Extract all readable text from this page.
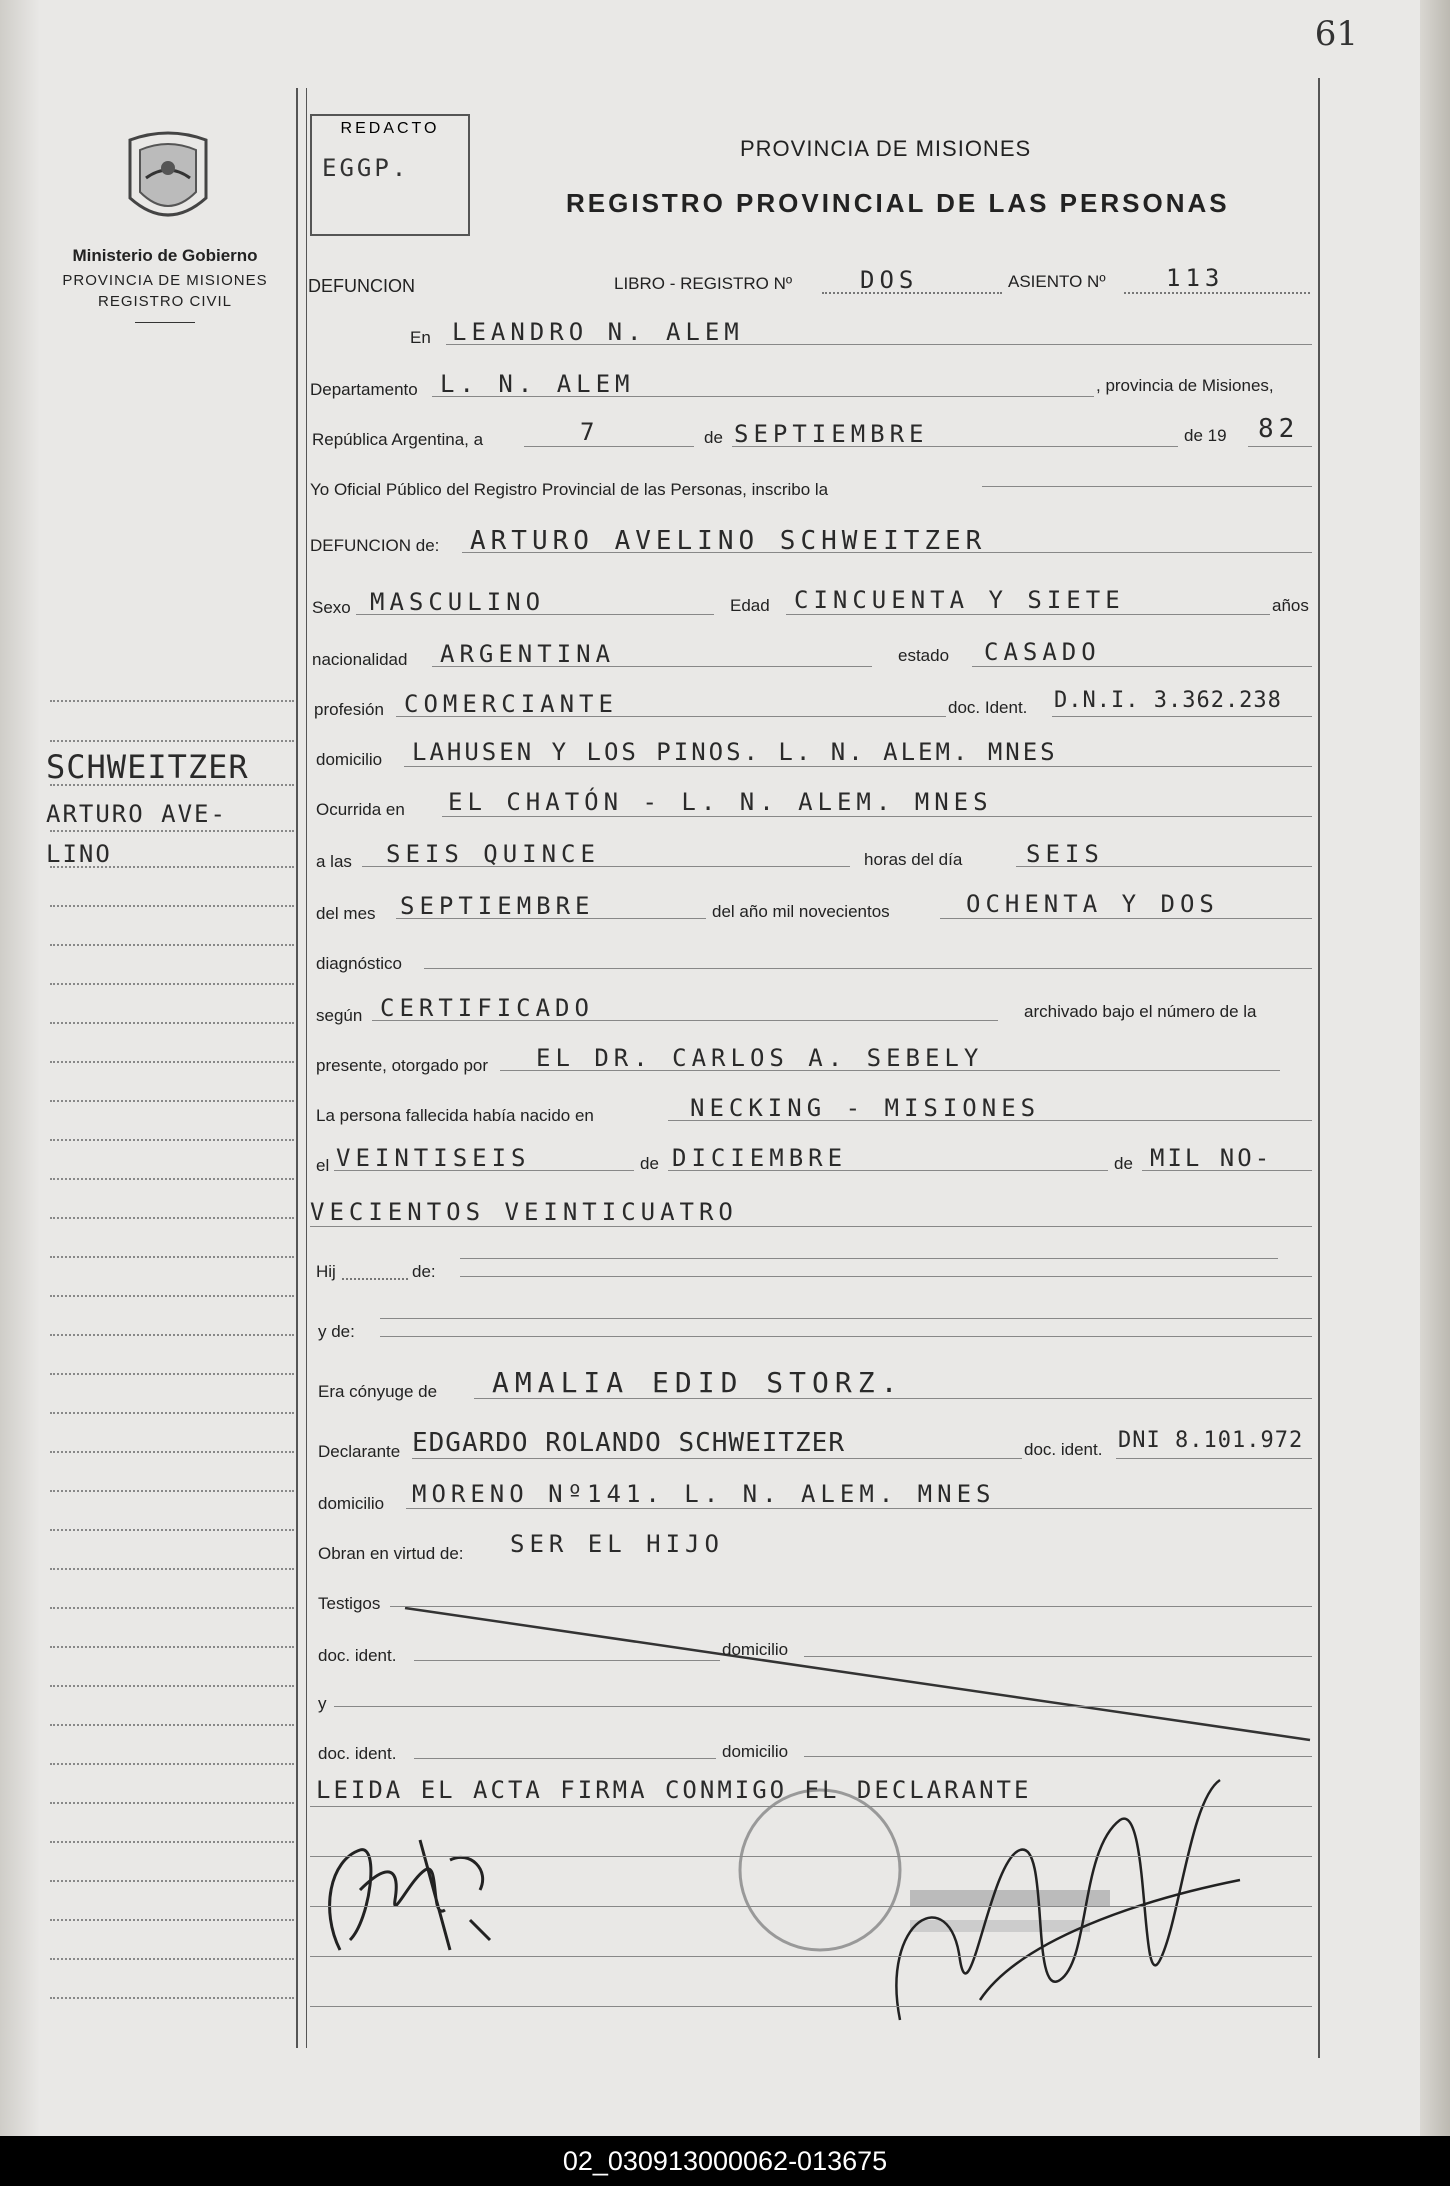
61
Ministerio de Gobierno
PROVINCIA DE MISIONES
REGISTRO CIVIL
SCHWEITZER
ARTURO AVE-
LINO
REDACTO
EGGP.
PROVINCIA DE MISIONES
REGISTRO PROVINCIAL DE LAS PERSONAS
DEFUNCION	LIBRO - REGISTRO Nº	DOS	ASIENTO Nº	113
En LEANDRO N. ALEM
Departamento L. N. ALEM	, provincia de Misiones,
República Argentina, a	7	de SEPTIEMBRE	de 19 82
Yo Oficial Público del Registro Provincial de las Personas, inscribo la
DEFUNCION de: ARTURO AVELINO SCHWEITZER
Sexo MASCULINO	Edad CINCUENTA Y SIETE	años
nacionalidad ARGENTINA	estado CASADO
profesión COMERCIANTE	doc. Ident. D.N.I. 3.362.238
domicilio LAHUSEN Y LOS PINOS. L. N. ALEM. MNES
Ocurrida en EL CHATÓN - L. N. ALEM. MNES
a las SEIS QUINCE	horas del día	SEIS
del mes SEPTIEMBRE	del año mil novecientos	OCHENTA Y DOS
diagnóstico
según CERTIFICADO	archivado bajo el número de la
presente, otorgado por EL DR. CARLOS A. SEBELY
La persona fallecida había nacido en	NECKING - MISIONES
el VEINTISEIS	de DICIEMBRE	de MIL NO-
VECIENTOS VEINTICUATRO
Hij	de:
y de:
Era cónyuge de AMALIA EDID STORZ.
Declarante EDGARDO ROLANDO SCHWEITZER	doc. ident. DNI 8.101.972
domicilio MORENO Nº141. L. N. ALEM. MNES
Obran en virtud de: SER EL HIJO
Testigos
doc. ident.	domicilio
y
doc. ident.	domicilio
LEIDA EL ACTA FIRMA CONMIGO EL DECLARANTE
02_030913000062-013675
